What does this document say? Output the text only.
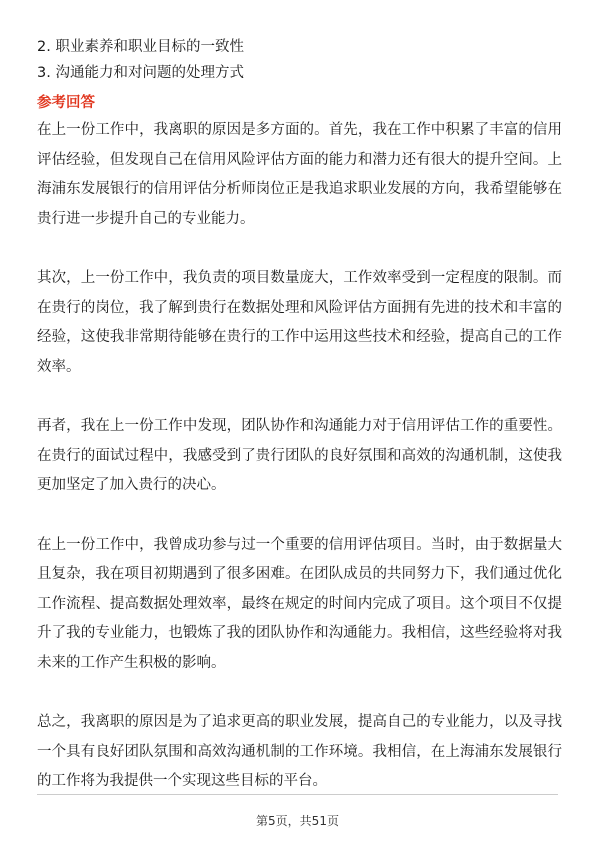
2. 职业素养和职业目标的一致性
3. 沟通能力和对问题的处理方式
参考回答

在上一份工作中，我离职的原因是多方面的。首先，我在工作中积累了丰富的信用评估经验，但发现自己在信用风险评估方面的能力和潜力还有很大的提升空间。上海浦东发展银行的信用评估分析师岗位正是我追求职业发展的方向，我希望能够在贵行进一步提升自己的专业能力。

其次，上一份工作中，我负责的项目数量庞大，工作效率受到一定程度的限制。而在贵行的岗位，我了解到贵行在数据处理和风险评估方面拥有先进的技术和丰富的经验，这使我非常期待能够在贵行的工作中运用这些技术和经验，提高自己的工作效率。

再者，我在上一份工作中发现，团队协作和沟通能力对于信用评估工作的重要性。在贵行的面试过程中，我感受到了贵行团队的良好氛围和高效的沟通机制，这使我更加坚定了加入贵行的决心。

在上一份工作中，我曾成功参与过一个重要的信用评估项目。当时，由于数据量大且复杂，我在项目初期遇到了很多困难。在团队成员的共同努力下，我们通过优化工作流程、提高数据处理效率，最终在规定的时间内完成了项目。这个项目不仅提升了我的专业能力，也锻炼了我的团队协作和沟通能力。我相信，这些经验将对我未来的工作产生积极的影响。

总之，我离职的原因是为了追求更高的职业发展，提高自己的专业能力，以及寻找一个具有良好团队氛围和高效沟通机制的工作环境。我相信，在上海浦东发展银行的工作将为我提供一个实现这些目标的平台。

第5页，共51页
